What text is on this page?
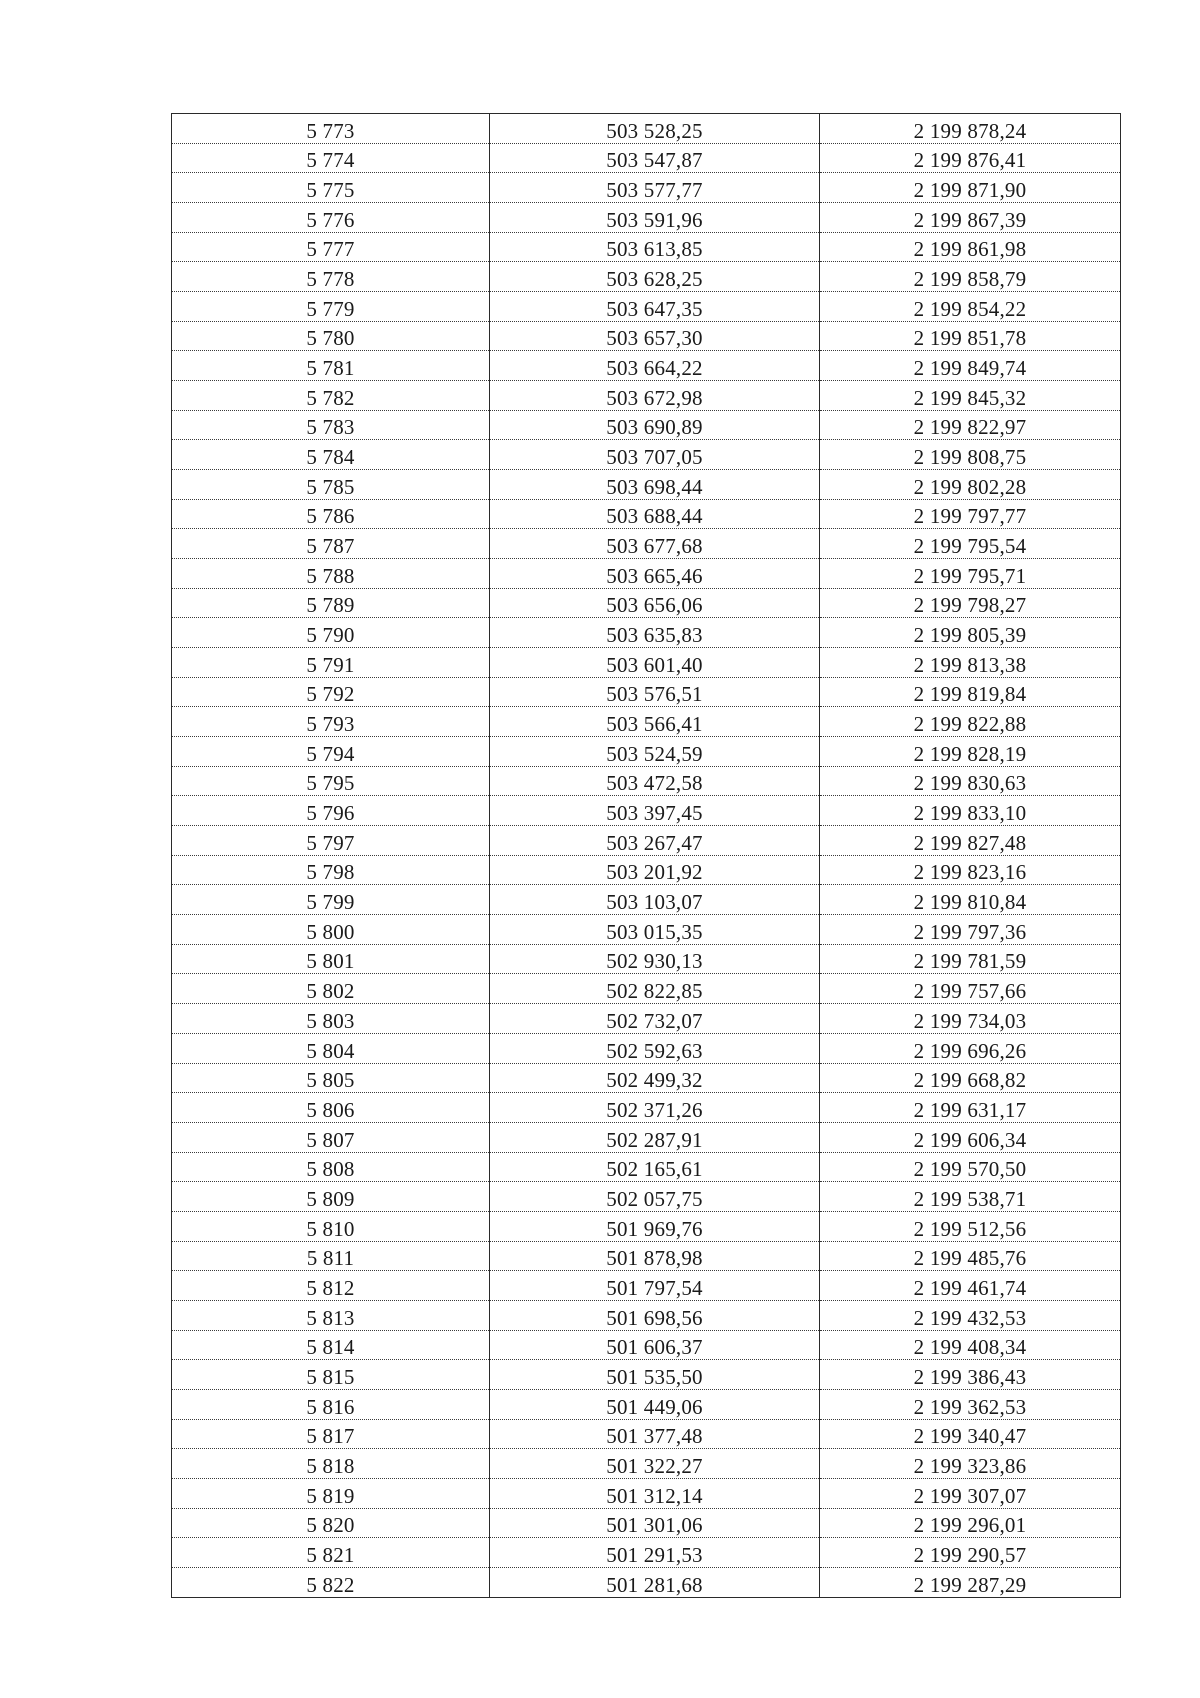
5 773	503 528,25	2 199 878,24
5 774	503 547,87	2 199 876,41
5 775	503 577,77	2 199 871,90
5 776	503 591,96	2 199 867,39
5 777	503 613,85	2 199 861,98
5 778	503 628,25	2 199 858,79
5 779	503 647,35	2 199 854,22
5 780	503 657,30	2 199 851,78
5 781	503 664,22	2 199 849,74
5 782	503 672,98	2 199 845,32
5 783	503 690,89	2 199 822,97
5 784	503 707,05	2 199 808,75
5 785	503 698,44	2 199 802,28
5 786	503 688,44	2 199 797,77
5 787	503 677,68	2 199 795,54
5 788	503 665,46	2 199 795,71
5 789	503 656,06	2 199 798,27
5 790	503 635,83	2 199 805,39
5 791	503 601,40	2 199 813,38
5 792	503 576,51	2 199 819,84
5 793	503 566,41	2 199 822,88
5 794	503 524,59	2 199 828,19
5 795	503 472,58	2 199 830,63
5 796	503 397,45	2 199 833,10
5 797	503 267,47	2 199 827,48
5 798	503 201,92	2 199 823,16
5 799	503 103,07	2 199 810,84
5 800	503 015,35	2 199 797,36
5 801	502 930,13	2 199 781,59
5 802	502 822,85	2 199 757,66
5 803	502 732,07	2 199 734,03
5 804	502 592,63	2 199 696,26
5 805	502 499,32	2 199 668,82
5 806	502 371,26	2 199 631,17
5 807	502 287,91	2 199 606,34
5 808	502 165,61	2 199 570,50
5 809	502 057,75	2 199 538,71
5 810	501 969,76	2 199 512,56
5 811	501 878,98	2 199 485,76
5 812	501 797,54	2 199 461,74
5 813	501 698,56	2 199 432,53
5 814	501 606,37	2 199 408,34
5 815	501 535,50	2 199 386,43
5 816	501 449,06	2 199 362,53
5 817	501 377,48	2 199 340,47
5 818	501 322,27	2 199 323,86
5 819	501 312,14	2 199 307,07
5 820	501 301,06	2 199 296,01
5 821	501 291,53	2 199 290,57
5 822	501 281,68	2 199 287,29
